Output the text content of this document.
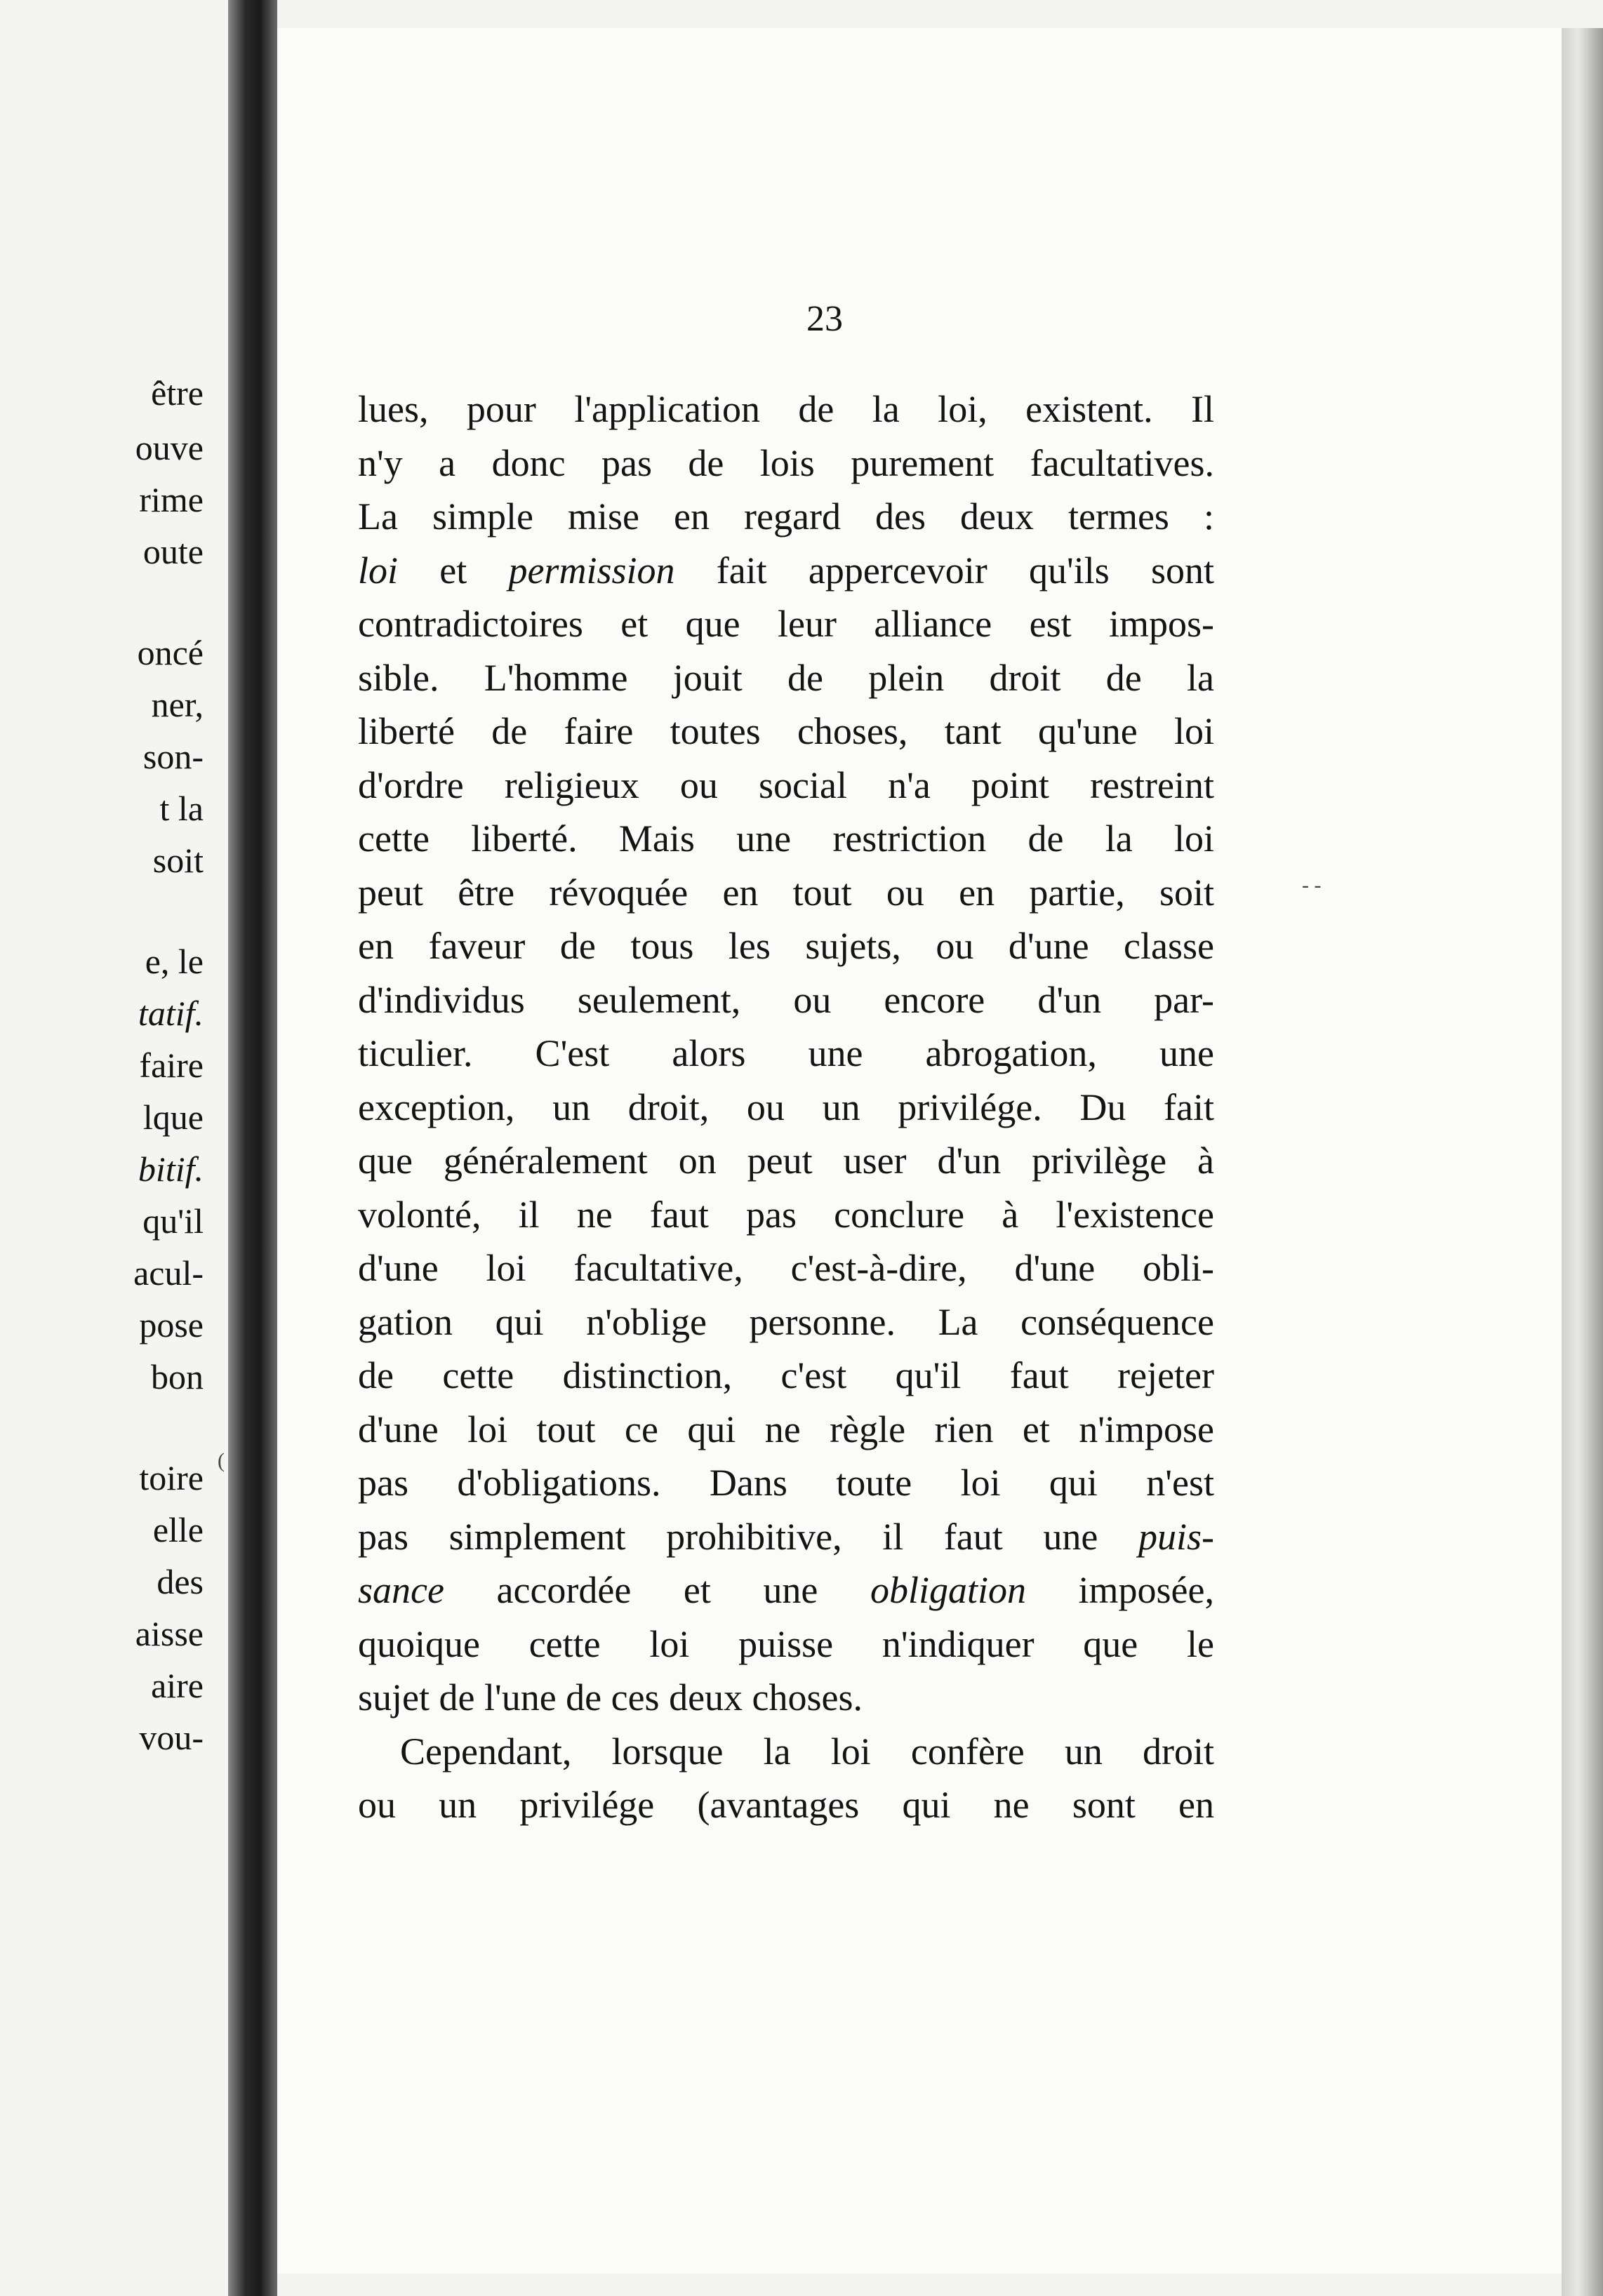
être
ouve
rime
oute
oncé
ner,
son-
t la
soit
e, le
tatif.
faire
lque
bitif.
qu'il
acul-
pose
bon
toire
elle
des
aisse
aire
vou-
23
lues, pour l'application de la loi, existent. Il
n'y a donc pas de lois purement facultatives.
La simple mise en regard des deux termes :
loi et permission fait appercevoir qu'ils sont
contradictoires et que leur alliance est impos-
sible. L'homme jouit de plein droit de la
liberté de faire toutes choses, tant qu'une loi
d'ordre religieux ou social n'a point restreint
cette liberté. Mais une restriction de la loi
peut être révoquée en tout ou en partie, soit
en faveur de tous les sujets, ou d'une classe
d'individus seulement, ou encore d'un par-
ticulier. C'est alors une abrogation, une
exception, un droit, ou un privilége. Du fait
que généralement on peut user d'un privilège à
volonté, il ne faut pas conclure à l'existence
d'une loi facultative, c'est-à-dire, d'une obli-
gation qui n'oblige personne. La conséquence
de cette distinction, c'est qu'il faut rejeter
d'une loi tout ce qui ne règle rien et n'impose
pas d'obligations. Dans toute loi qui n'est
pas simplement prohibitive, il faut une puis-
sance accordée et une obligation imposée,
quoique cette loi puisse n'indiquer que le
sujet de l'une de ces deux choses.
Cependant, lorsque la loi confère un droit
ou un privilége (avantages qui ne sont en
- -
(
